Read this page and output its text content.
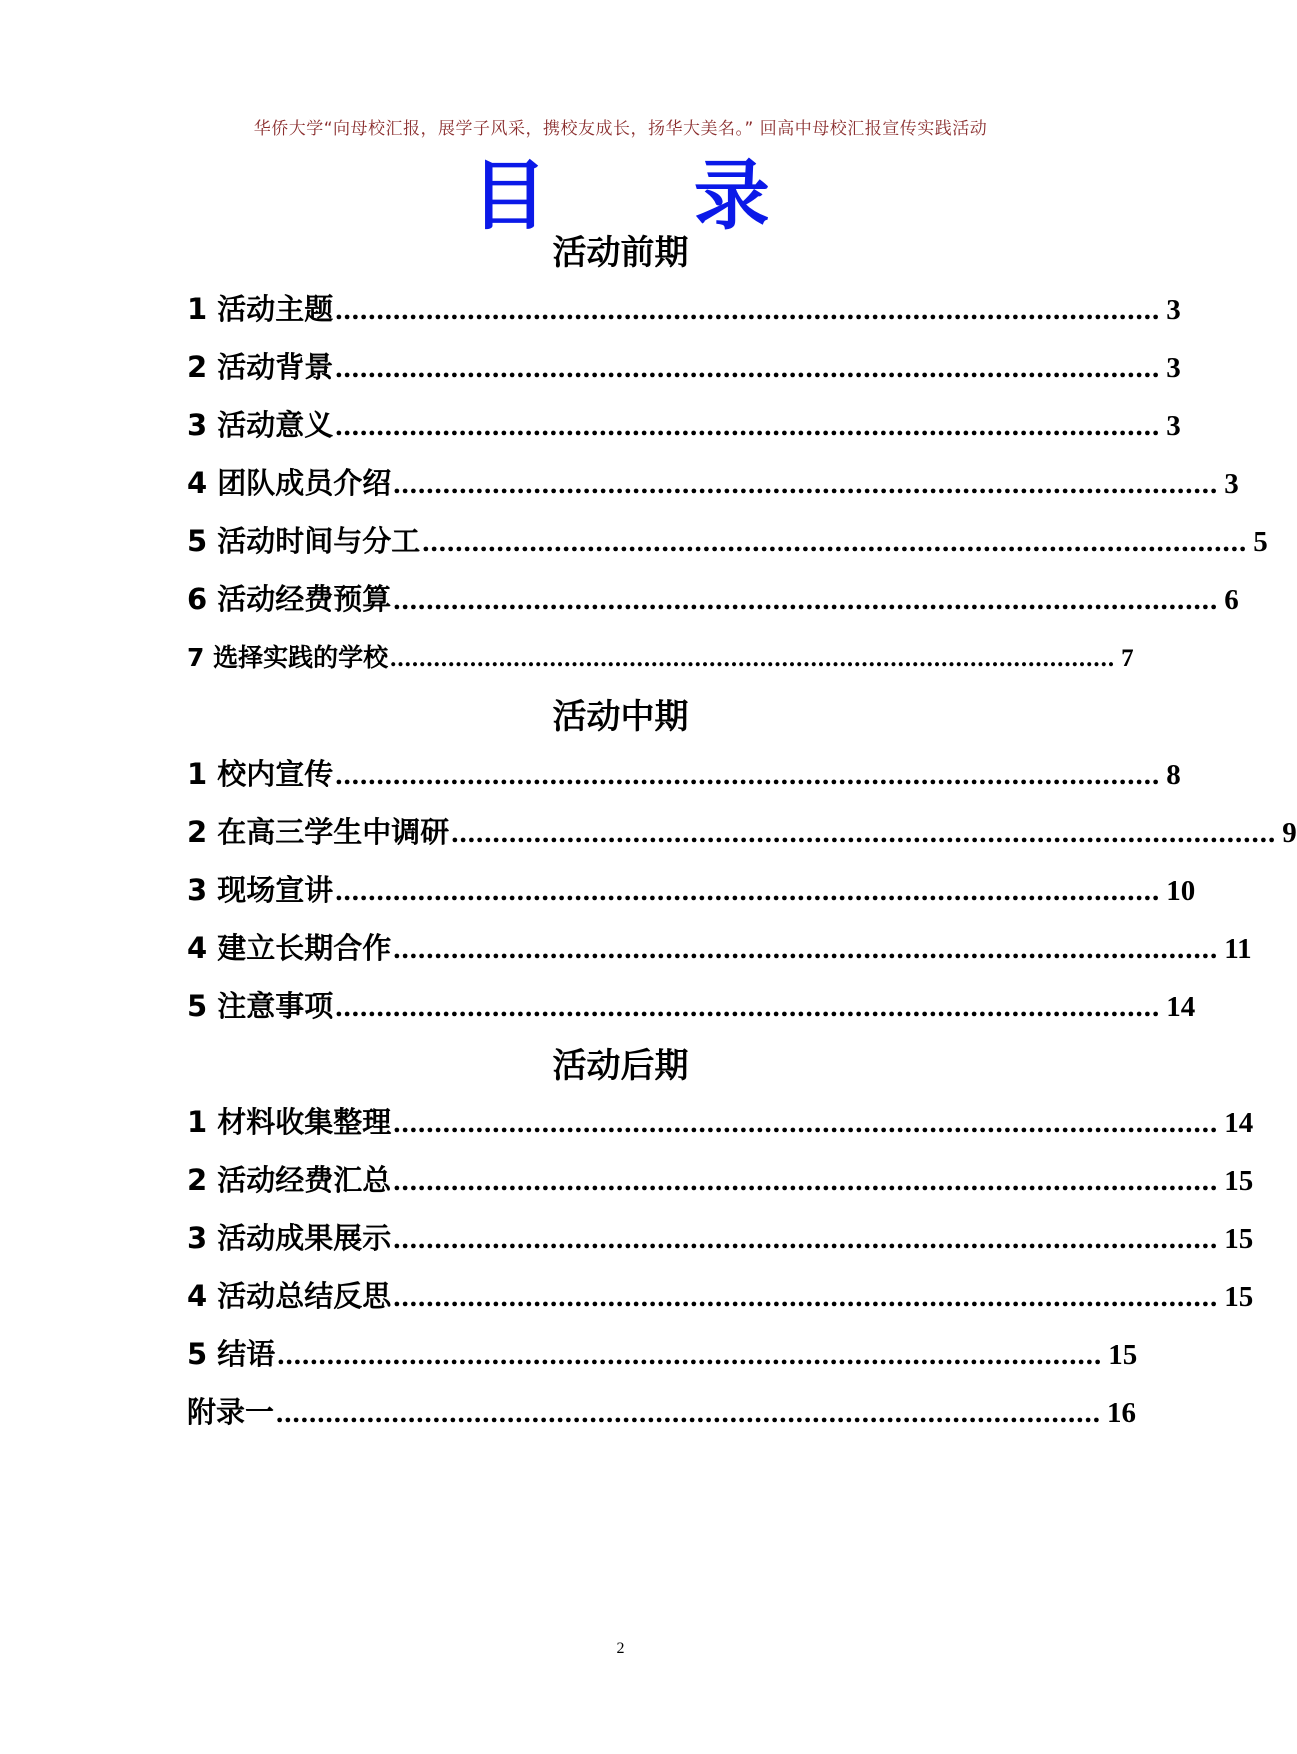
华侨大学“向母校汇报，展学子风采，携校友成长，扬华大美名。” 回高中母校汇报宣传实践活动
目 录
活动前期
1 活动主题 .................................................................................................... 3
2 活动背景 .................................................................................................... 3
3 活动意义 .................................................................................................... 3
4 团队成员介绍 .................................................................................................... 3
5 活动时间与分工 .................................................................................................... 5
6 活动经费预算 .................................................................................................... 6
7 选择实践的学校 .................................................................................................... 7
活动中期
1 校内宣传 .................................................................................................... 8
2 在高三学生中调研 .................................................................................................... 9
3 现场宣讲 .................................................................................................... 10
4 建立长期合作 .................................................................................................... 11
5 注意事项 .................................................................................................... 14
活动后期
1 材料收集整理 .................................................................................................... 14
2 活动经费汇总 .................................................................................................... 15
3 活动成果展示 .................................................................................................... 15
4 活动总结反思 .................................................................................................... 15
5 结语 .................................................................................................... 15
附录一 .................................................................................................... 16
2
